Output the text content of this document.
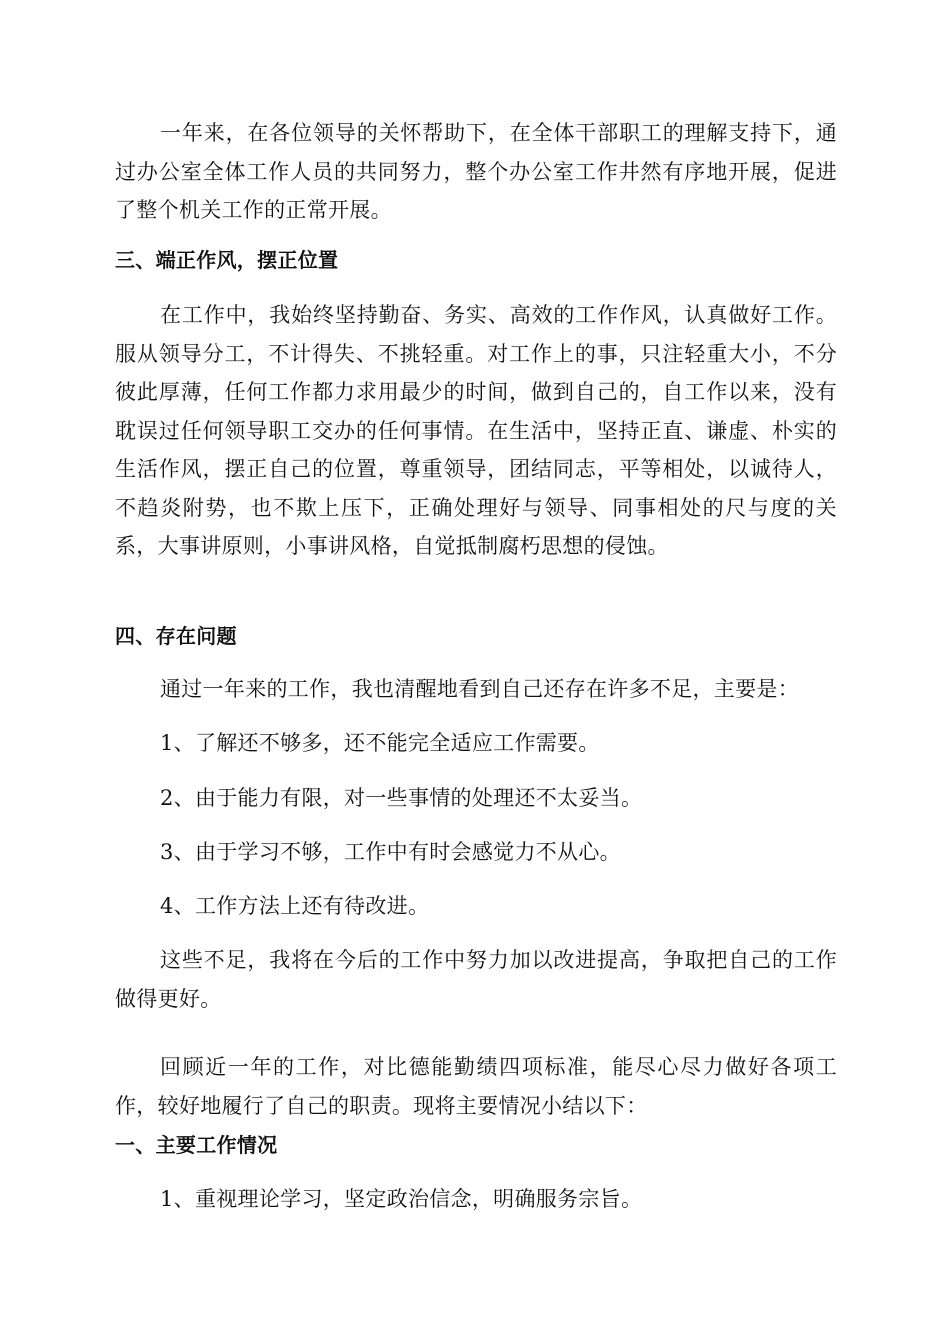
一年来，在各位领导的关怀帮助下，在全体干部职工的理解支持下，通过办公室全体工作人员的共同努力，整个办公室工作井然有序地开展，促进了整个机关工作的正常开展。

三、端正作风，摆正位置

在工作中，我始终坚持勤奋、务实、高效的工作作风，认真做好工作。服从领导分工，不计得失、不挑轻重。对工作上的事，只注轻重大小，不分彼此厚薄，任何工作都力求用最少的时间，做到自己的，自工作以来，没有耽误过任何领导职工交办的任何事情。在生活中，坚持正直、谦虚、朴实的生活作风，摆正自己的位置，尊重领导，团结同志，平等相处，以诚待人，不趋炎附势，也不欺上压下，正确处理好与领导、同事相处的尺与度的关系，大事讲原则，小事讲风格，自觉抵制腐朽思想的侵蚀。

四、存在问题

通过一年来的工作，我也清醒地看到自己还存在许多不足，主要是：

1、了解还不够多，还不能完全适应工作需要。

2、由于能力有限，对一些事情的处理还不太妥当。

3、由于学习不够，工作中有时会感觉力不从心。

4、工作方法上还有待改进。

这些不足，我将在今后的工作中努力加以改进提高，争取把自己的工作做得更好。

回顾近一年的工作，对比德能勤绩四项标准，能尽心尽力做好各项工作，较好地履行了自己的职责。现将主要情况小结以下：

一、主要工作情况

1、重视理论学习，坚定政治信念，明确服务宗旨。
